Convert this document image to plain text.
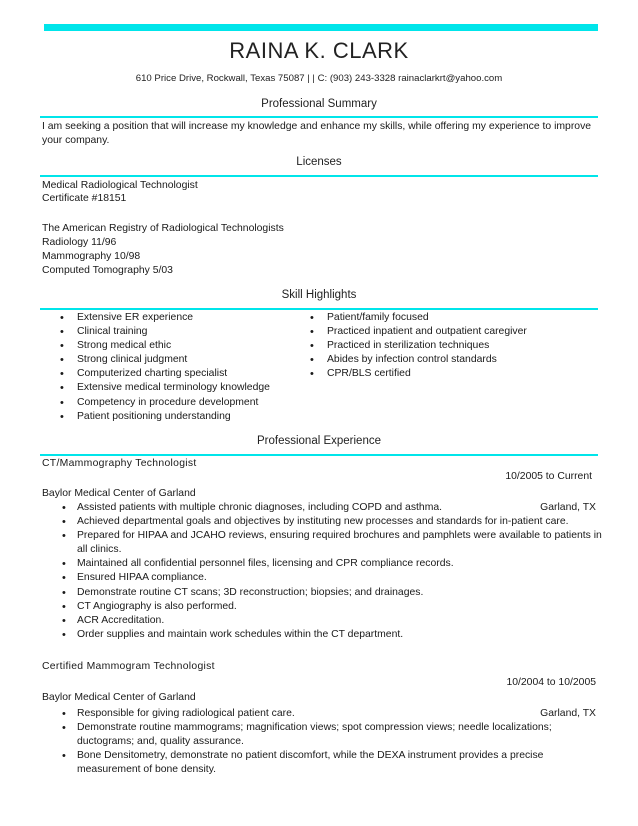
RAINA K. CLARK
610 Price Drive, Rockwall, Texas 75087 | | C: (903) 243-3328 rainaclarkrt@yahoo.com
Professional Summary
I am seeking a position that will increase my knowledge and enhance my skills, while offering my experience to improve your company.
Licenses
Medical Radiological Technologist
Certificate #18151
The American Registry of Radiological Technologists
Radiology 11/96
Mammography 10/98
Computed Tomography 5/03
Skill Highlights
• Extensive ER experience
• Clinical training
• Strong medical ethic
• Strong clinical judgment
• Computerized charting specialist
• Extensive medical terminology knowledge
• Competency in procedure development
• Patient positioning understanding
• Patient/family focused
• Practiced inpatient and outpatient caregiver
• Practiced in sterilization techniques
• Abides by infection control standards
• CPR/BLS certified
Professional Experience
CT/Mammography Technologist
10/2005 to Current
Baylor Medical Center of Garland
• Assisted patients with multiple chronic diagnoses, including COPD and asthma.	Garland, TX
• Achieved departmental goals and objectives by instituting new processes and standards for in-patient care.
• Prepared for HIPAA and JCAHO reviews, ensuring required brochures and pamphlets were available to patients in all clinics.
• Maintained all confidential personnel files, licensing and CPR compliance records.
• Ensured HIPAA compliance.
• Demonstrate routine CT scans; 3D reconstruction; biopsies; and drainages.
• CT Angiography is also performed.
• ACR Accreditation.
• Order supplies and maintain work schedules within the CT department.
Certified Mammogram Technologist
10/2004 to 10/2005
Baylor Medical Center of Garland
• Responsible for giving radiological patient care.	Garland, TX
• Demonstrate routine mammograms; magnification views; spot compression views; needle localizations; ductograms; and, quality assurance.
• Bone Densitometry, demonstrate no patient discomfort, while the DEXA instrument provides a precise measurement of bone density.
